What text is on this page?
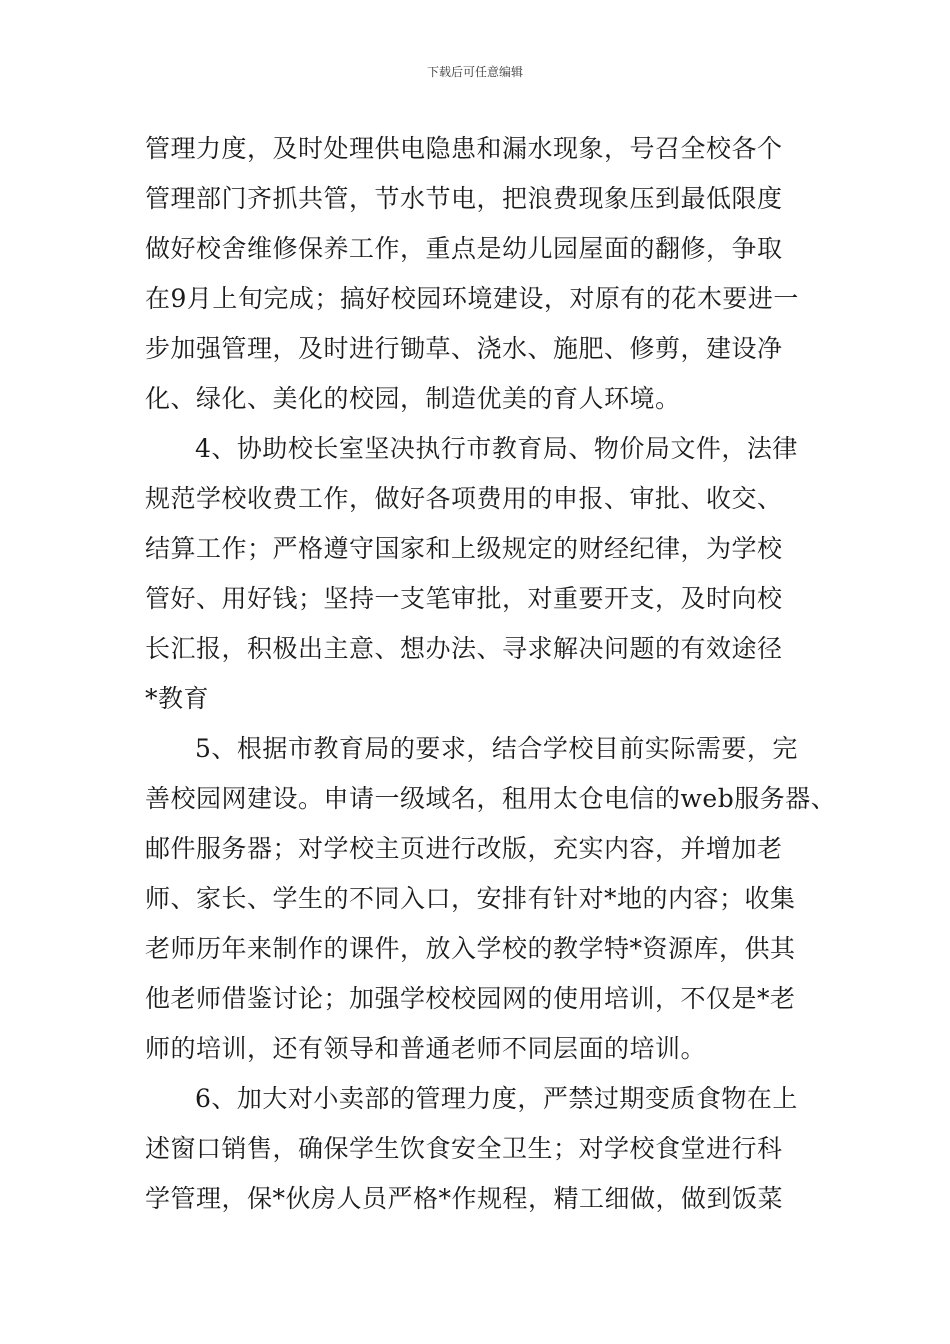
下载后可任意编辑
管理力度，及时处理供电隐患和漏水现象，号召全校各个
管理部门齐抓共管，节水节电，把浪费现象压到最低限度
做好校舍维修保养工作，重点是幼儿园屋面的翻修，争取
在9月上旬完成；搞好校园环境建设，对原有的花木要进一
步加强管理，及时进行锄草、浇水、施肥、修剪，建设净
化、绿化、美化的校园，制造优美的育人环境。
4、协助校长室坚决执行市教育局、物价局文件，法律
规范学校收费工作，做好各项费用的申报、审批、收交、
结算工作；严格遵守国家和上级规定的财经纪律，为学校
管好、用好钱；坚持一支笔审批，对重要开支，及时向校
长汇报，积极出主意、想办法、寻求解决问题的有效途径
*教育
5、根据市教育局的要求，结合学校目前实际需要，完
善校园网建设。申请一级域名，租用太仓电信的web服务器、
邮件服务器；对学校主页进行改版，充实内容，并增加老
师、家长、学生的不同入口，安排有针对*地的内容；收集
老师历年来制作的课件，放入学校的教学特*资源库，供其
他老师借鉴讨论；加强学校校园网的使用培训，不仅是*老
师的培训，还有领导和普通老师不同层面的培训。
6、加大对小卖部的管理力度，严禁过期变质食物在上
述窗口销售，确保学生饮食安全卫生；对学校食堂进行科
学管理，保*伙房人员严格*作规程，精工细做，做到饭菜
